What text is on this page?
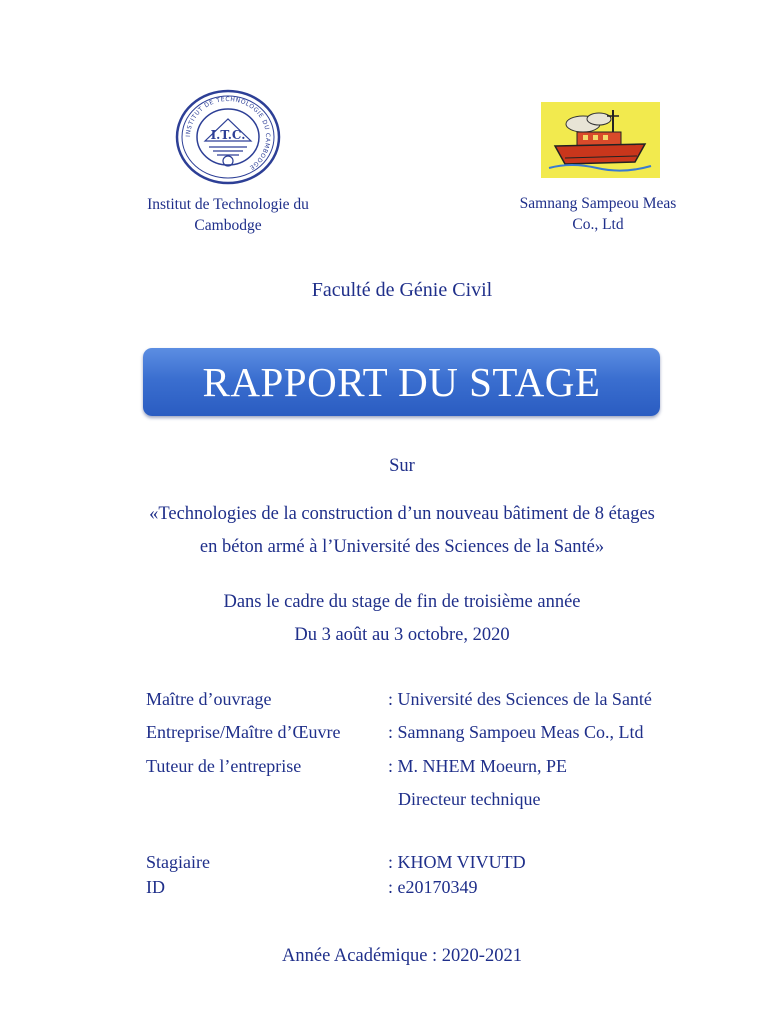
INSTITUT DE TECHNOLOGIE DU CAMBODGE
I.T.C.
Institut de Technologie du
Cambodge
Samnang Sampeou Meas
Co., Ltd
Faculté de Génie Civil
RAPPORT DU STAGE
Sur
«Technologies de la construction d’un nouveau bâtiment de 8 étages
en béton armé à l’Université des Sciences de la Santé»
Dans le cadre du stage de fin de troisième année
Du 3 août au 3 octobre, 2020
Maître d’ouvrage	: Université des Sciences de la Santé
Entreprise/Maître d’Œuvre	: Samnang Sampoeu Meas Co., Ltd
Tuteur de l’entreprise	: M. NHEM Moeurn, PE
Directeur technique
Stagiaire	: KHOM VIVUTD
ID	: e20170349
Année Académique : 2020-2021
